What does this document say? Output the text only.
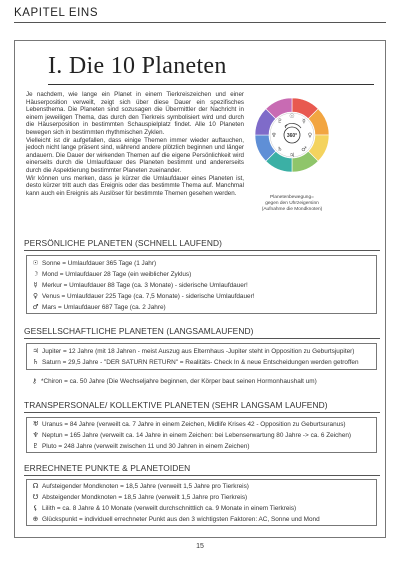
KAPITEL EINS
I. Die 10 Planeten

Je nachdem, wie lange ein Planet in einem Tierkreiszeichen und einer Häuserposition verweilt, zeigt sich über diese Dauer ein spezifisches Lebensthema. Die Planeten sind sozusagen die Übermittler der Nachricht in einem jeweiligen Thema, das durch den Tierkreis symbolisiert wird und durch die Häuserposition in bestimmten Schauspielplatz findet. Alle 10 Planeten bewegen sich in bestimmten rhythmischen Zyklen.

Vielleicht ist dir aufgefallen, dass einige Themen immer wieder auftauchen, jedoch nicht lange präsent sind, während andere plötzlich beginnen und länger andauern. Die Dauer der wirkenden Themen auf die eigene Persönlichkeit wird einerseits durch die Umlaufdauer des Planeten bestimmt und andererseits durch die Aspektierung bestimmter Planeten zueinander.

Wir können uns merken, dass je kürzer die Umlaufdauer eines Planeten ist, desto kürzer tritt auch das Ereignis oder das bestimmte Thema auf. Manchmal kann auch ein Ereignis als Auslöser für bestimmte Themen gesehen werden.

☉
☿
♀
♂
♃
♄
♆
♇
360°
Planetenbewegung=
gegen den Uhrzeigersinn
(Aufnahme die Mondknoten)
PERSÖNLICHE PLANETEN (SCHNELL LAUFEND)
☉ Sonne = Umlaufdauer 365 Tage (1 Jahr)
☽ Mond = Umlaufdauer 28 Tage (ein weiblicher Zyklus)
☿ Merkur = Umlaufdauer 88 Tage (ca. 3 Monate) - siderische Umlaufdauer!
♀ Venus = Umlaufdauer 225 Tage (ca. 7,5 Monate) - siderische Umlaufdauer!
♂ Mars = Umlaufdauer 687 Tage (ca. 2 Jahre)
GESELLSCHAFTLICHE PLANETEN (LANGSAMLAUFEND)
♃ Jupiter = 12 Jahre (mit 18 Jahren - meist Auszug aus Elternhaus -Jupiter steht in Opposition zu Geburtsjupiter)
♄ Saturn = 29,5 Jahre - "DER SATURN RETURN" = Realitäts- Check In & neue Entscheidungen werden getroffen
⚷ *Chiron = ca. 50 Jahre (Die Wechseljahre beginnen, der Körper baut seinen Hormonhaushalt um)
TRANSPERSONALE/ KOLLEKTIVE PLANETEN (SEHR LANGSAM LAUFEND)
♅ Uranus = 84 Jahre (verweilt ca. 7 Jahre in einem Zeichen, Midlife Krises 42 - Opposition zu Geburtsuranus)
♆ Neptun = 165 Jahre (verweilt ca. 14 Jahre in einem Zeichen: bei Lebenserwartung 80 Jahre -> ca. 6 Zeichen)
♇ Pluto = 248 Jahre (verweilt zwischen 11 und 30 Jahren in einem Zeichen)
ERRECHNETE PUNKTE & PLANETOIDEN
☊ Aufsteigender Mondknoten = 18,5 Jahre (verweilt 1,5 Jahre pro Tierkreis)
☋ Absteigender Mondknoten = 18,5 Jahre (verweilt 1,5 Jahre pro Tierkreis)
⚸ Lilith = ca. 8 Jahre & 10 Monate (verweilt durchschnittlich ca. 9 Monate in einem Tierkreis)
⊕ Glückspunkt = individuell errechneter Punkt aus den 3 wichtigsten Faktoren: AC, Sonne und Mond
15
